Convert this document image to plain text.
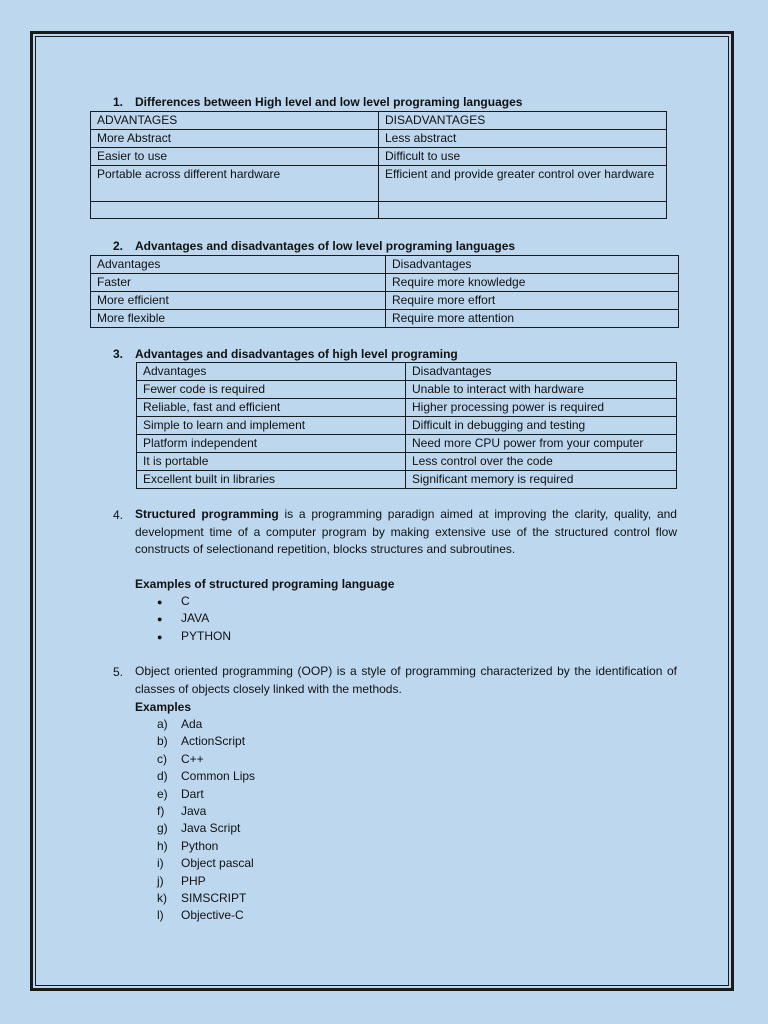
1. Differences between High level and low level programing languages
ADVANTAGES	DISADVANTAGES
More Abstract	Less abstract
Easier to use	Difficult to use
Portable across different hardware	Efficient and provide greater control over hardware

2. Advantages and disadvantages of low level programing languages
Advantages	Disadvantages
Faster	Require more knowledge
More efficient	Require more effort
More flexible	Require more attention
3. Advantages and disadvantages of high level programing
Advantages	Disadvantages
Fewer code is required	Unable to interact with hardware
Reliable, fast and efficient	Higher processing power is required
Simple to learn and implement	Difficult in debugging and testing
Platform independent	Need more CPU power from your computer
It is portable	Less control over the code
Excellent built in libraries	Significant memory is required
4. Structured programming is a programming paradign aimed at improving the clarity, quality, and development time of a computer program by making extensive use of the structured control flow constructs of selectionand repetition, blocks structures and subroutines.
Examples of structured programing language
● C
● JAVA
● PYTHON
5. Object oriented programming (OOP) is a style of programming characterized by the identification of classes of objects closely linked with the methods.
Examples
a) Ada
b) ActionScript
c) C++
d) Common Lips
e) Dart
f) Java
g) Java Script
h) Python
i) Object pascal
j) PHP
k) SIMSCRIPT
l) Objective-C
